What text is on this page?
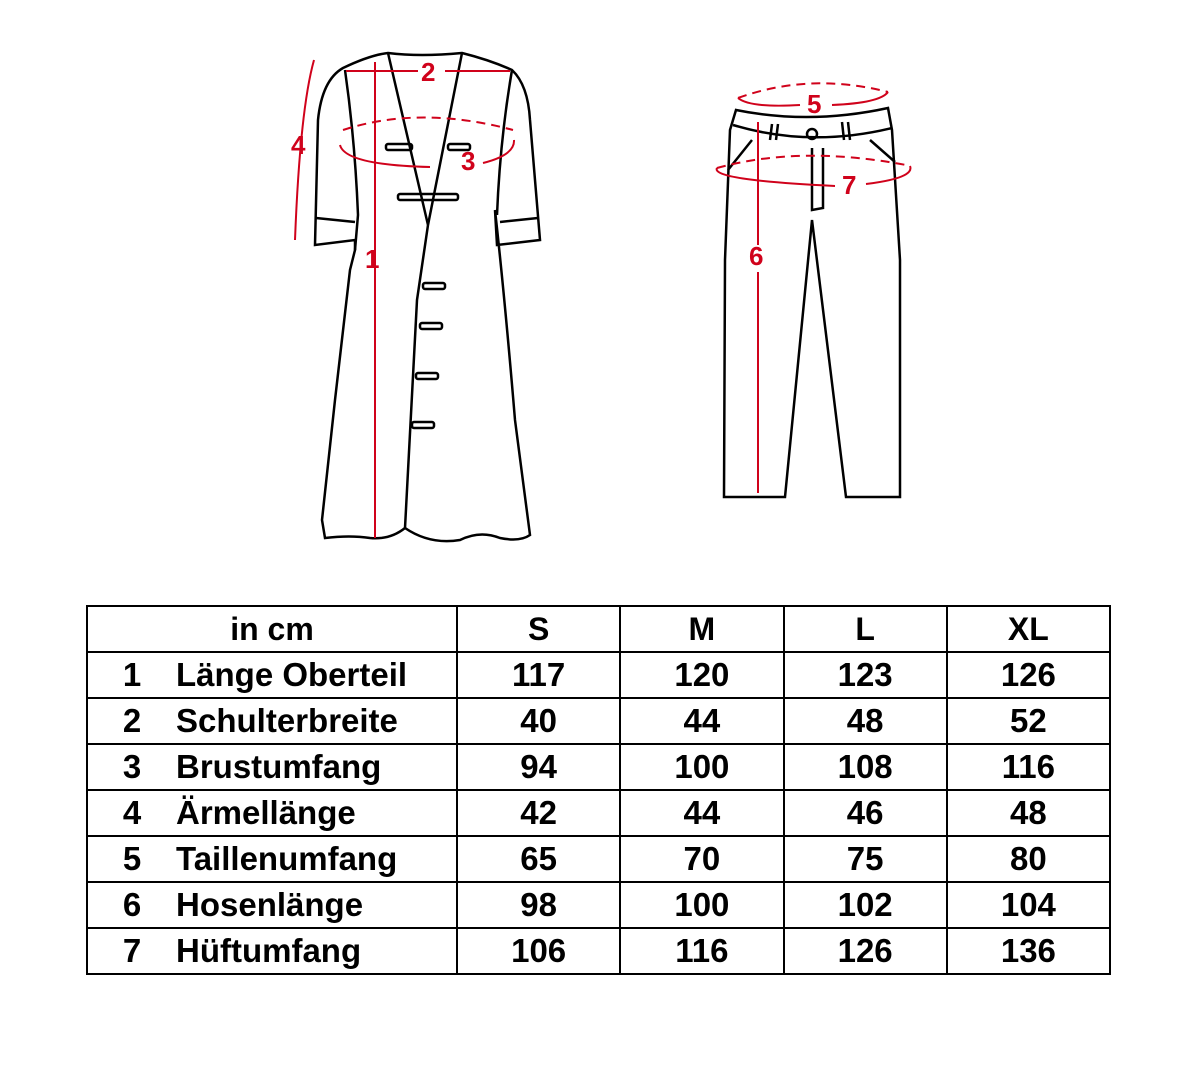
1
2
3
4
5
6
7
in cm	S	M	L	XL
1 Länge Oberteil	117	120	123	126
2 Schulterbreite	40	44	48	52
3 Brustumfang	94	100	108	116
4 Ärmellänge	42	44	46	48
5 Taillenumfang	65	70	75	80
6 Hosenlänge	98	100	102	104
7 Hüftumfang	106	116	126	136
